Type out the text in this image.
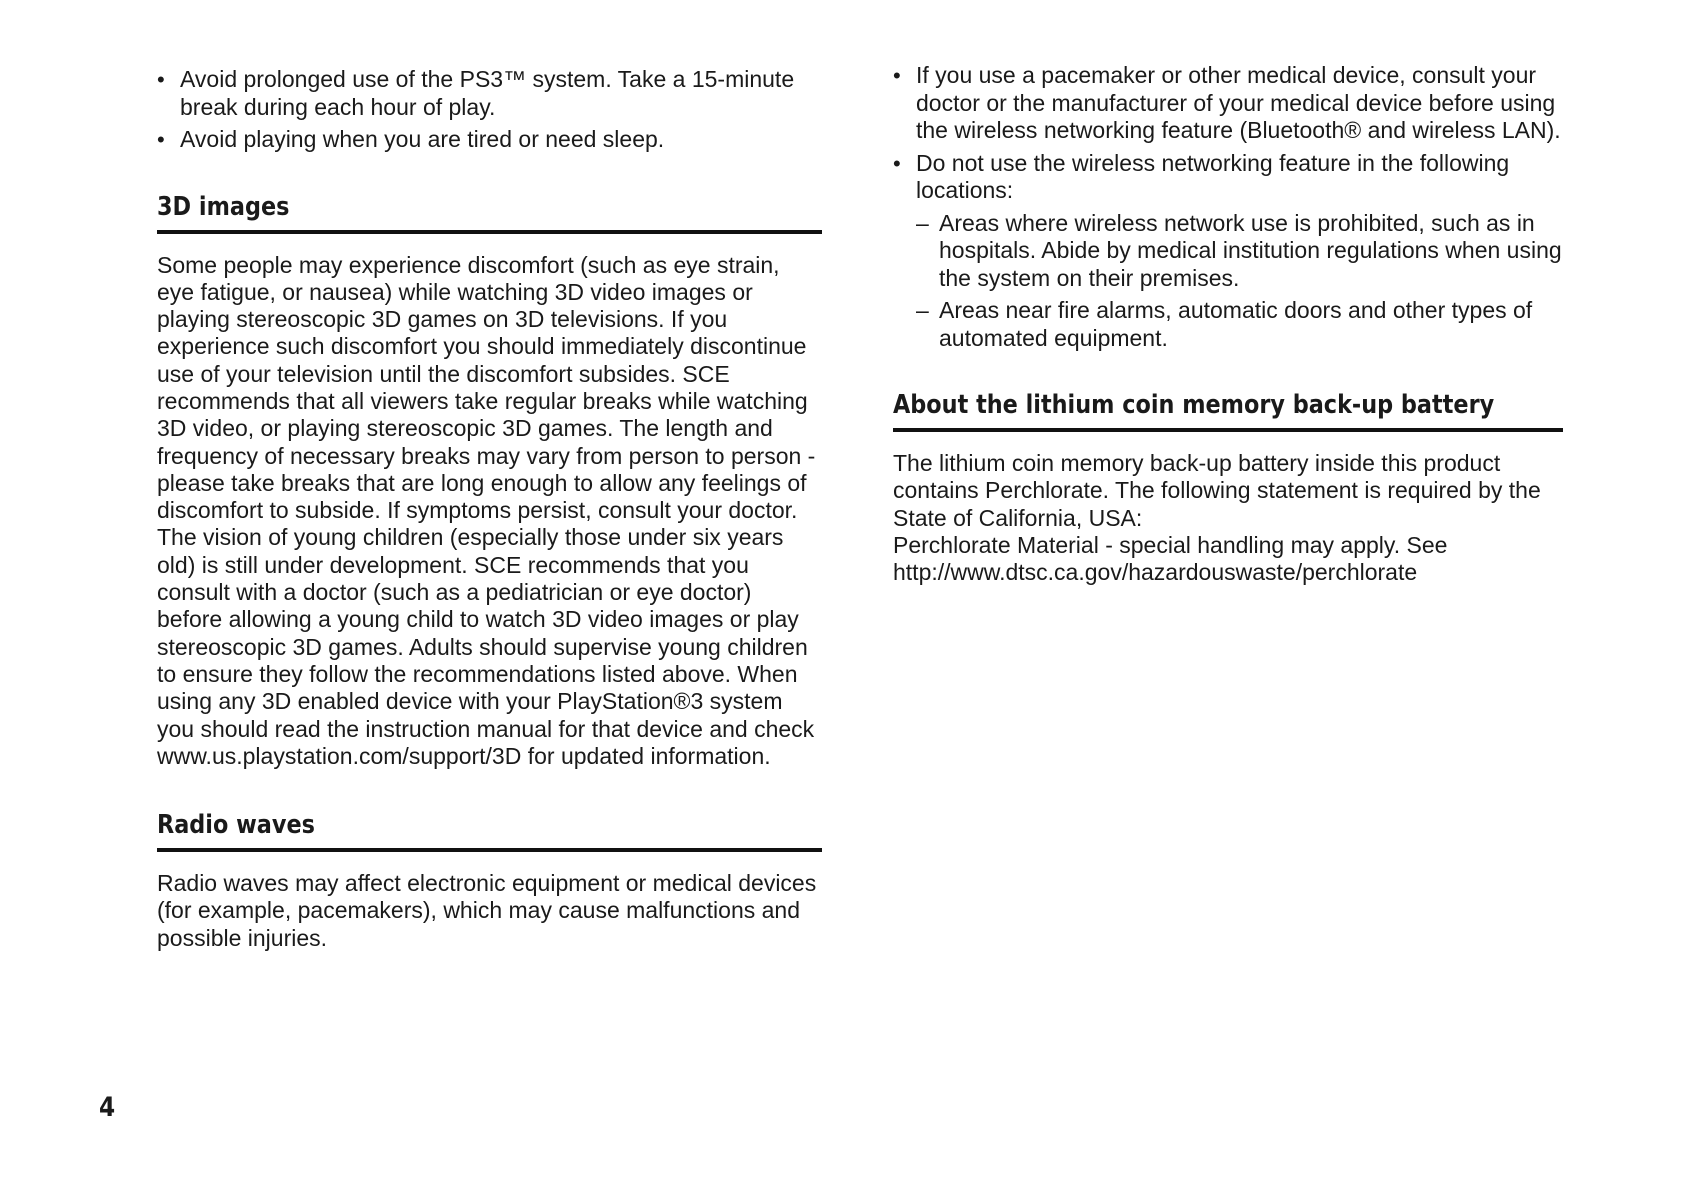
• Avoid prolonged use of the PS3™ system. Take a 15-minute break during each hour of play.
• Avoid playing when you are tired or need sleep.
3D images

Some people may experience discomfort (such as eye strain, eye fatigue, or nausea) while watching 3D video images or playing stereoscopic 3D games on 3D televisions. If you experience such discomfort you should immediately discontinue use of your television until the discomfort subsides. SCE recommends that all viewers take regular breaks while watching 3D video, or playing stereoscopic 3D games. The length and frequency of necessary breaks may vary from person to person - please take breaks that are long enough to allow any feelings of discomfort to subside. If symptoms persist, consult your doctor.

The vision of young children (especially those under six years old) is still under development. SCE recommends that you consult with a doctor (such as a pediatrician or eye doctor) before allowing a young child to watch 3D video images or play stereoscopic 3D games. Adults should supervise young children to ensure they follow the recommendations listed above. When using any 3D enabled device with your PlayStation®3 system you should read the instruction manual for that device and check www.us.playstation.com/support/3D for updated information.

Radio waves

Radio waves may affect electronic equipment or medical devices (for example, pacemakers), which may cause malfunctions and possible injuries.

• If you use a pacemaker or other medical device, consult your doctor or the manufacturer of your medical device before using the wireless networking feature (Bluetooth® and wireless LAN).
• Do not use the wireless networking feature in the following locations:
– Areas where wireless network use is prohibited, such as in hospitals. Abide by medical institution regulations when using the system on their premises.
– Areas near fire alarms, automatic doors and other types of automated equipment.
About the lithium coin memory back-up battery

The lithium coin memory back-up battery inside this product contains Perchlorate. The following statement is required by the State of California, USA:

Perchlorate Material - special handling may apply. See http://www.dtsc.ca.gov/hazardouswaste/perchlorate

4
